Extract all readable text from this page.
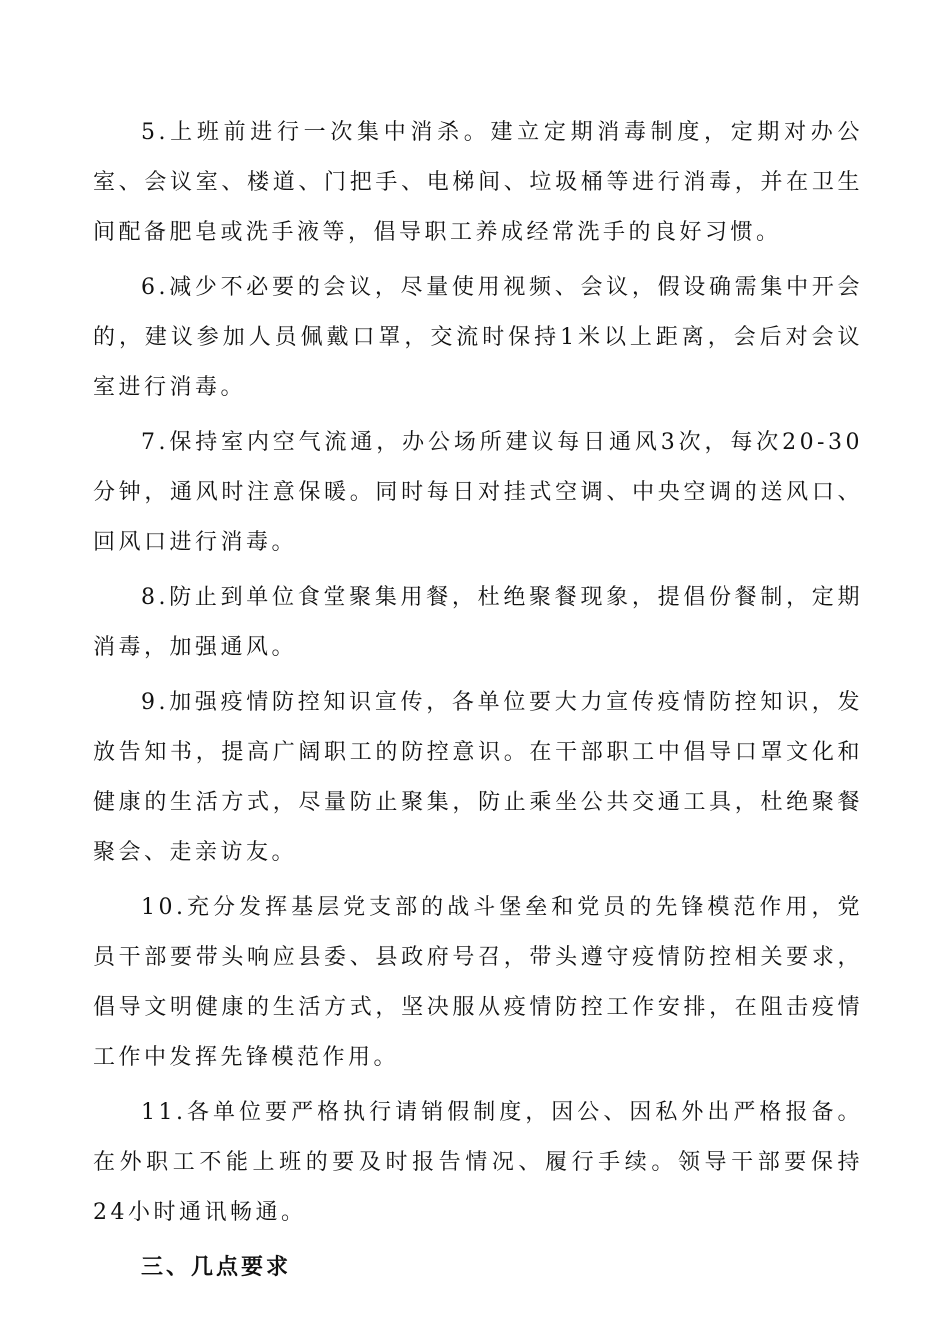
5.上班前进行一次集中消杀。建立定期消毒制度，定期对办公室、会议室、楼道、门把手、电梯间、垃圾桶等进行消毒，并在卫生间配备肥皂或洗手液等，倡导职工养成经常洗手的良好习惯。

6.减少不必要的会议，尽量使用视频、会议，假设确需集中开会的，建议参加人员佩戴口罩，交流时保持1米以上距离，会后对会议室进行消毒。

7.保持室内空气流通，办公场所建议每日通风3次，每次20-30分钟，通风时注意保暖。同时每日对挂式空调、中央空调的送风口、回风口进行消毒。

8.防止到单位食堂聚集用餐，杜绝聚餐现象，提倡份餐制，定期消毒，加强通风。

9.加强疫情防控知识宣传，各单位要大力宣传疫情防控知识，发放告知书，提高广阔职工的防控意识。在干部职工中倡导口罩文化和健康的生活方式，尽量防止聚集，防止乘坐公共交通工具，杜绝聚餐聚会、走亲访友。

10.充分发挥基层党支部的战斗堡垒和党员的先锋模范作用，党员干部要带头响应县委、县政府号召，带头遵守疫情防控相关要求，倡导文明健康的生活方式，坚决服从疫情防控工作安排，在阻击疫情工作中发挥先锋模范作用。

11.各单位要严格执行请销假制度，因公、因私外出严格报备。在外职工不能上班的要及时报告情况、履行手续。领导干部要保持24小时通讯畅通。

三、几点要求
